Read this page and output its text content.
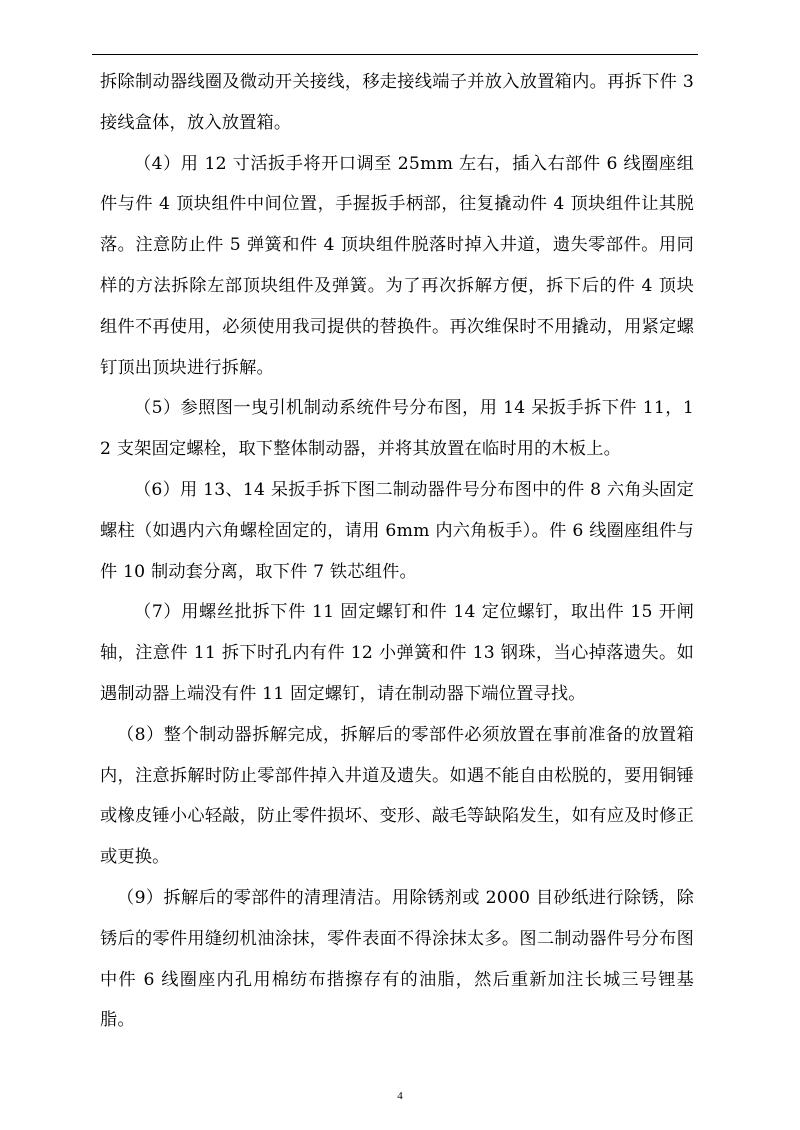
拆除制动器线圈及微动开关接线，移走接线端子并放入放置箱内。再拆下件 3 接线盒体，放入放置箱。

（4）用 12 寸活扳手将开口调至 25mm 左右，插入右部件 6 线圈座组件与件 4 顶块组件中间位置，手握扳手柄部，往复撬动件 4 顶块组件让其脱落。注意防止件 5 弹簧和件 4 顶块组件脱落时掉入井道，遗失零部件。用同样的方法拆除左部顶块组件及弹簧。为了再次拆解方便，拆下后的件 4 顶块组件不再使用，必须使用我司提供的替换件。再次维保时不用撬动，用紧定螺钉顶出顶块进行拆解。

（5）参照图一曳引机制动系统件号分布图，用 14 呆扳手拆下件 11，12 支架固定螺栓，取下整体制动器，并将其放置在临时用的木板上。

（6）用 13、14 呆扳手拆下图二制动器件号分布图中的件 8 六角头固定螺柱（如遇内六角螺栓固定的，请用 6mm 内六角板手）。件 6 线圈座组件与件 10 制动套分离，取下件 7 铁芯组件。

（7）用螺丝批拆下件 11 固定螺钉和件 14 定位螺钉，取出件 15 开闸轴，注意件 11 拆下时孔内有件 12 小弹簧和件 13 钢珠，当心掉落遗失。如遇制动器上端没有件 11 固定螺钉，请在制动器下端位置寻找。

（8）整个制动器拆解完成，拆解后的零部件必须放置在事前准备的放置箱内，注意拆解时防止零部件掉入井道及遗失。如遇不能自由松脱的，要用铜锤或橡皮锤小心轻敲，防止零件损坏、变形、敲毛等缺陷发生，如有应及时修正或更换。

（9）拆解后的零部件的清理清洁。用除锈剂或 2000 目砂纸进行除锈，除锈后的零件用缝纫机油涂抹，零件表面不得涂抹太多。图二制动器件号分布图中件 6 线圈座内孔用棉纺布揩擦存有的油脂，然后重新加注长城三号锂基脂。

4
